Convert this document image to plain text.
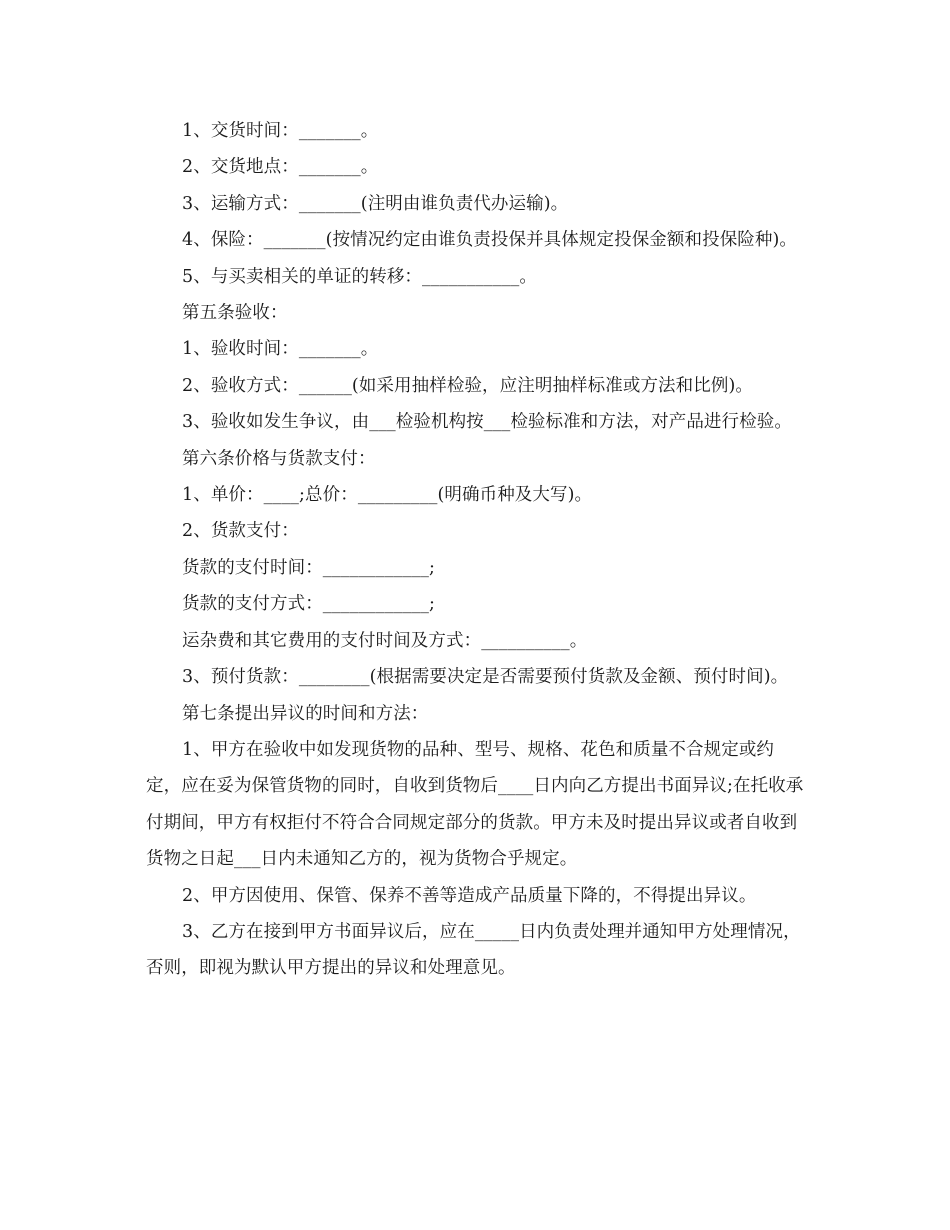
1、交货时间：_______。

2、交货地点：_______。

3、运输方式：_______(注明由谁负责代办运输)。

4、保险：_______(按情况约定由谁负责投保并具体规定投保金额和投保险种)。

5、与买卖相关的单证的转移：___________。

第五条验收：

1、验收时间：_______。

2、验收方式：______(如采用抽样检验，应注明抽样标准或方法和比例)。

3、验收如发生争议，由___检验机构按___检验标准和方法，对产品进行检验。

第六条价格与货款支付：

1、单价：____;总价：_________(明确币种及大写)。

2、货款支付：

货款的支付时间：____________;

货款的支付方式：____________;

运杂费和其它费用的支付时间及方式：__________。

3、预付货款：________(根据需要决定是否需要预付货款及金额、预付时间)。

第七条提出异议的时间和方法：

1、甲方在验收中如发现货物的品种、型号、规格、花色和质量不合规定或约定，应在妥为保管货物的同时，自收到货物后____日内向乙方提出书面异议;在托收承付期间，甲方有权拒付不符合合同规定部分的货款。甲方未及时提出异议或者自收到货物之日起___日内未通知乙方的，视为货物合乎规定。

2、甲方因使用、保管、保养不善等造成产品质量下降的，不得提出异议。

3、乙方在接到甲方书面异议后，应在_____日内负责处理并通知甲方处理情况，否则，即视为默认甲方提出的异议和处理意见。
